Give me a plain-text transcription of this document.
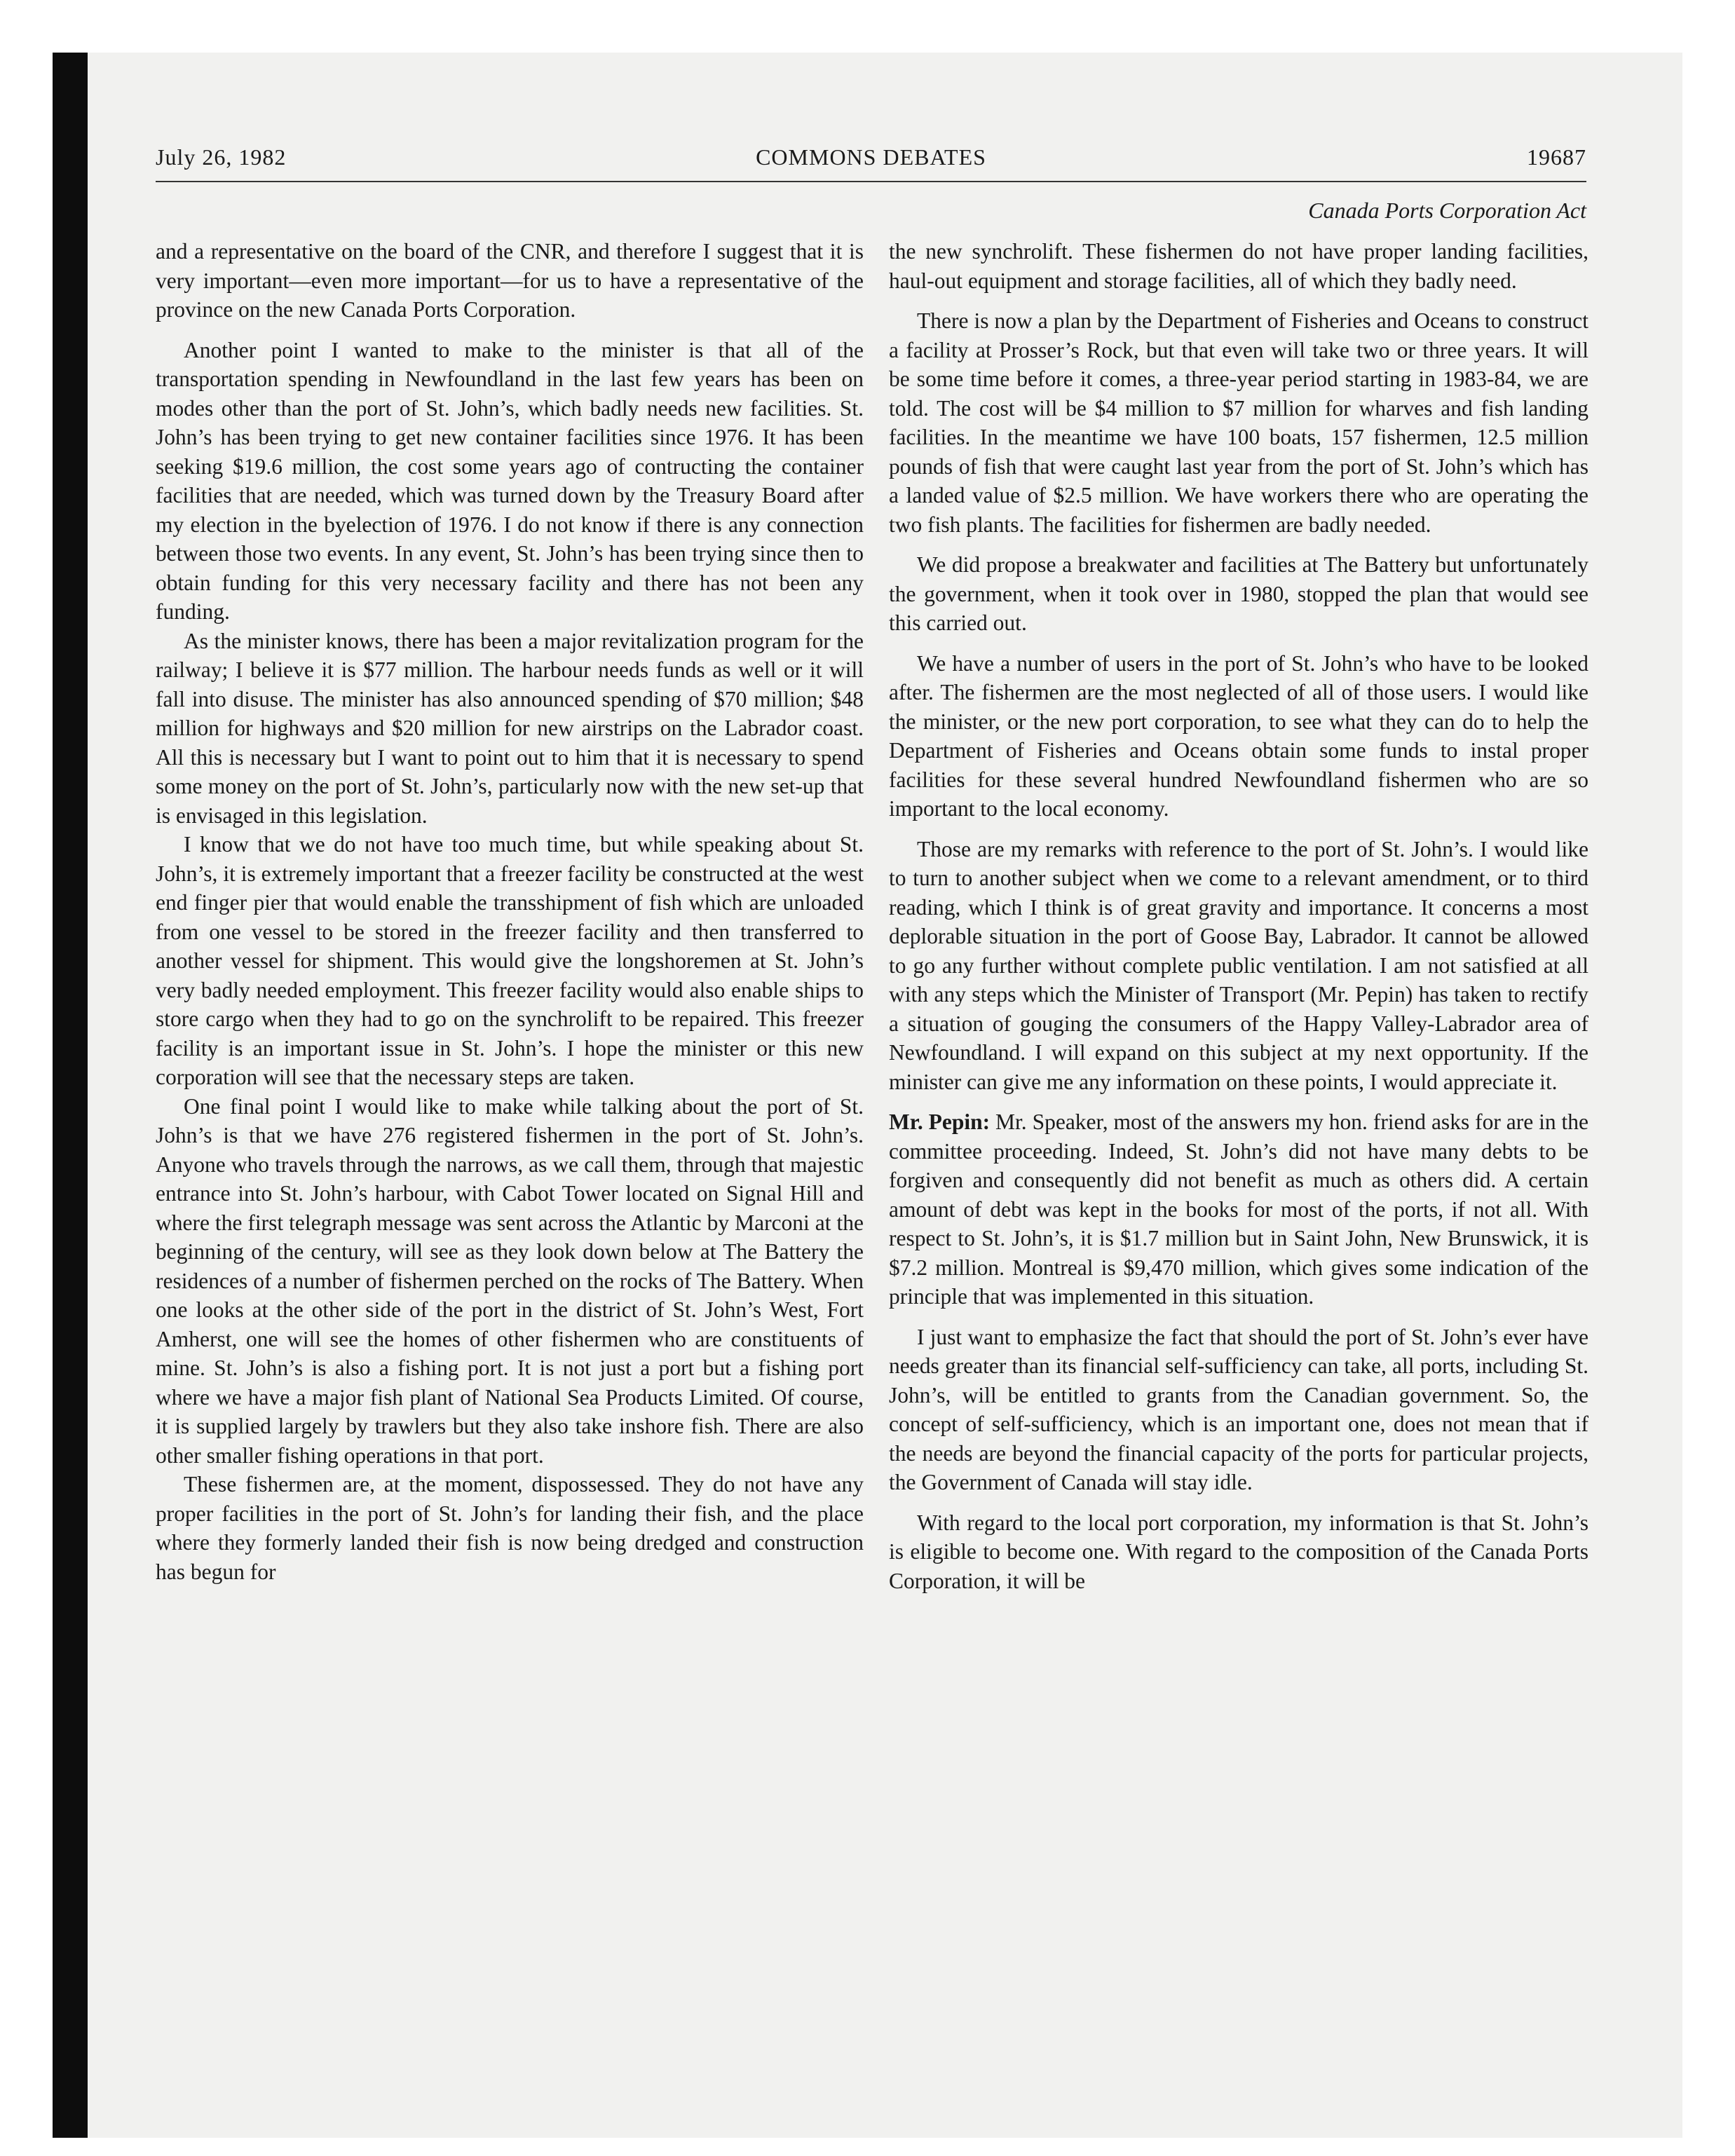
July 26, 1982	COMMONS DEBATES	19687
Canada Ports Corporation Act

and a representative on the board of the CNR, and therefore I suggest that it is very important—even more important—for us to have a representative of the province on the new Canada Ports Corporation.

Another point I wanted to make to the minister is that all of the transportation spending in Newfoundland in the last few years has been on modes other than the port of St. John’s, which badly needs new facilities. St. John’s has been trying to get new container facilities since 1976. It has been seeking $19.6 million, the cost some years ago of contructing the container facilities that are needed, which was turned down by the Treasury Board after my election in the byelection of 1976. I do not know if there is any connection between those two events. In any event, St. John’s has been trying since then to obtain funding for this very necessary facility and there has not been any funding.

As the minister knows, there has been a major revitalization program for the railway; I believe it is $77 million. The harbour needs funds as well or it will fall into disuse. The minister has also announced spending of $70 million; $48 million for highways and $20 million for new airstrips on the Labrador coast. All this is necessary but I want to point out to him that it is necessary to spend some money on the port of St. John’s, particularly now with the new set-up that is envisaged in this legislation.

I know that we do not have too much time, but while speaking about St. John’s, it is extremely important that a freezer facility be constructed at the west end finger pier that would enable the transshipment of fish which are unloaded from one vessel to be stored in the freezer facility and then transferred to another vessel for shipment. This would give the longshoremen at St. John’s very badly needed employment. This freezer facility would also enable ships to store cargo when they had to go on the synchrolift to be repaired. This freezer facility is an important issue in St. John’s. I hope the minister or this new corporation will see that the necessary steps are taken.

One final point I would like to make while talking about the port of St. John’s is that we have 276 registered fishermen in the port of St. John’s. Anyone who travels through the narrows, as we call them, through that majestic entrance into St. John’s harbour, with Cabot Tower located on Signal Hill and where the first telegraph message was sent across the Atlantic by Marconi at the beginning of the century, will see as they look down below at The Battery the residences of a number of fishermen perched on the rocks of The Battery. When one looks at the other side of the port in the district of St. John’s West, Fort Amherst, one will see the homes of other fishermen who are constituents of mine. St. John’s is also a fishing port. It is not just a port but a fishing port where we have a major fish plant of National Sea Products Limited. Of course, it is supplied largely by trawlers but they also take inshore fish. There are also other smaller fishing operations in that port.

These fishermen are, at the moment, dispossessed. They do not have any proper facilities in the port of St. John’s for landing their fish, and the place where they formerly landed their fish is now being dredged and construction has begun for

the new synchrolift. These fishermen do not have proper landing facilities, haul-out equipment and storage facilities, all of which they badly need.

There is now a plan by the Department of Fisheries and Oceans to construct a facility at Prosser’s Rock, but that even will take two or three years. It will be some time before it comes, a three-year period starting in 1983-84, we are told. The cost will be $4 million to $7 million for wharves and fish landing facilities. In the meantime we have 100 boats, 157 fishermen, 12.5 million pounds of fish that were caught last year from the port of St. John’s which has a landed value of $2.5 million. We have workers there who are operating the two fish plants. The facilities for fishermen are badly needed.

We did propose a breakwater and facilities at The Battery but unfortunately the government, when it took over in 1980, stopped the plan that would see this carried out.

We have a number of users in the port of St. John’s who have to be looked after. The fishermen are the most neglected of all of those users. I would like the minister, or the new port corporation, to see what they can do to help the Department of Fisheries and Oceans obtain some funds to instal proper facilities for these several hundred Newfoundland fishermen who are so important to the local economy.

Those are my remarks with reference to the port of St. John’s. I would like to turn to another subject when we come to a relevant amendment, or to third reading, which I think is of great gravity and importance. It concerns a most deplorable situation in the port of Goose Bay, Labrador. It cannot be allowed to go any further without complete public ventilation. I am not satisfied at all with any steps which the Minister of Transport (Mr. Pepin) has taken to rectify a situation of gouging the consumers of the Happy Valley-Labrador area of Newfoundland. I will expand on this subject at my next opportunity. If the minister can give me any information on these points, I would appreciate it.

Mr. Pepin: Mr. Speaker, most of the answers my hon. friend asks for are in the committee proceeding. Indeed, St. John’s did not have many debts to be forgiven and consequently did not benefit as much as others did. A certain amount of debt was kept in the books for most of the ports, if not all. With respect to St. John’s, it is $1.7 million but in Saint John, New Brunswick, it is $7.2 million. Montreal is $9,470 million, which gives some indication of the principle that was implemented in this situation.

I just want to emphasize the fact that should the port of St. John’s ever have needs greater than its financial self-sufficiency can take, all ports, including St. John’s, will be entitled to grants from the Canadian government. So, the concept of self-sufficiency, which is an important one, does not mean that if the needs are beyond the financial capacity of the ports for particular projects, the Government of Canada will stay idle.

With regard to the local port corporation, my information is that St. John’s is eligible to become one. With regard to the composition of the Canada Ports Corporation, it will be
